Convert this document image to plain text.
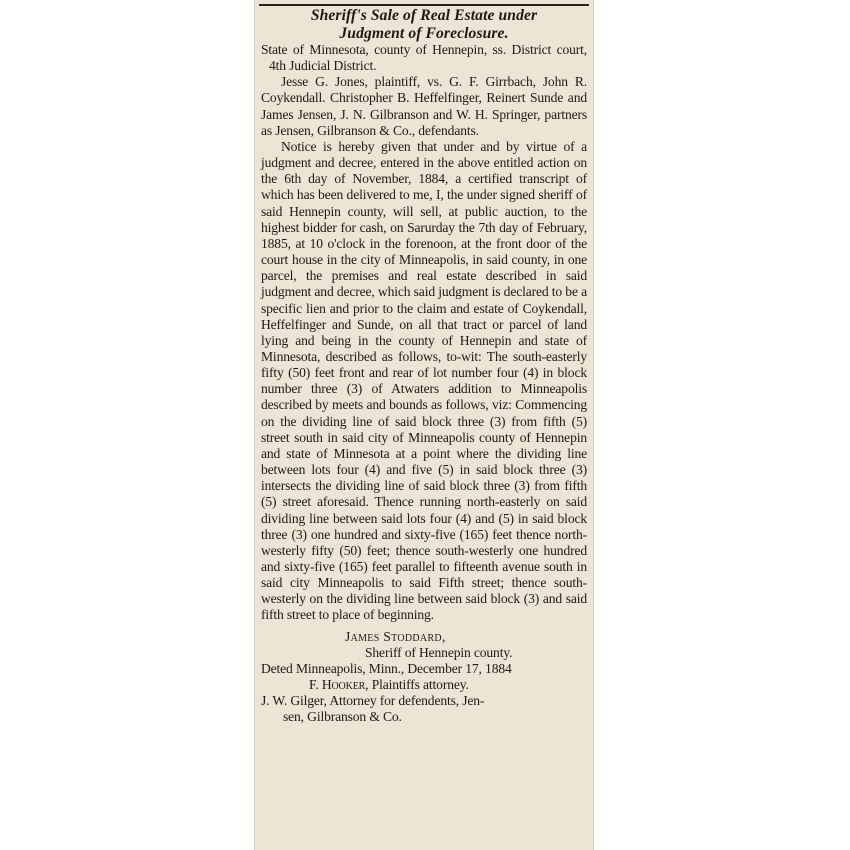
Sheriff's Sale of Real Estate under
Judgment of Foreclosure.

State of Minnesota, county of Hennepin, ss. District court, 4th Judicial District.

Jesse G. Jones, plaintiff, vs. G. F. Girrbach, John R. Coykendall. Christopher B. Heffelfinger, Reinert Sunde and James Jensen, J. N. Gilbranson and W. H. Springer, partners as Jensen, Gilbranson & Co., defendants.

Notice is hereby given that under and by virtue of a judgment and decree, entered in the above entitled action on the 6th day of November, 1884, a certified transcript of which has been delivered to me, I, the under signed sheriff of said Hennepin county, will sell, at public auction, to the highest bidder for cash, on Sarurday the 7th day of February, 1885, at 10 o'clock in the forenoon, at the front door of the court house in the city of Minneapolis, in said county, in one parcel, the premises and real estate described in said judgment and decree, which said judgment is declared to be a specific lien and prior to the claim and estate of Coykendall, Heffelfinger and Sunde, on all that tract or parcel of land lying and being in the county of Hennepin and state of Minnesota, described as follows, to-wit: The south-easterly fifty (50) feet front and rear of lot number four (4) in block number three (3) of Atwaters addition to Minneapolis described by meets and bounds as follows, viz: Commencing on the dividing line of said block three (3) from fifth (5) street south in said city of Minneapolis county of Hennepin and state of Minnesota at a point where the dividing line between lots four (4) and five (5) in said block three (3) intersects the dividing line of said block three (3) from fifth (5) street aforesaid. Thence running north-easterly on said dividing line between said lots four (4) and (5) in said block three (3) one hundred and sixty-five (165) feet thence north-westerly fifty (50) feet; thence south-westerly one hundred and sixty-five (165) feet parallel to fifteenth avenue south in said city Minneapolis to said Fifth street; thence south-westerly on the dividing line between said block (3) and said fifth street to place of beginning.

James Stoddard,

Sheriff of Hennepin county.

Deted Minneapolis, Minn., December 17, 1884

F. Hooker, Plaintiffs attorney.

J. W. Gilger, Attorney for defendents, Jen-
sen, Gilbranson & Co.
